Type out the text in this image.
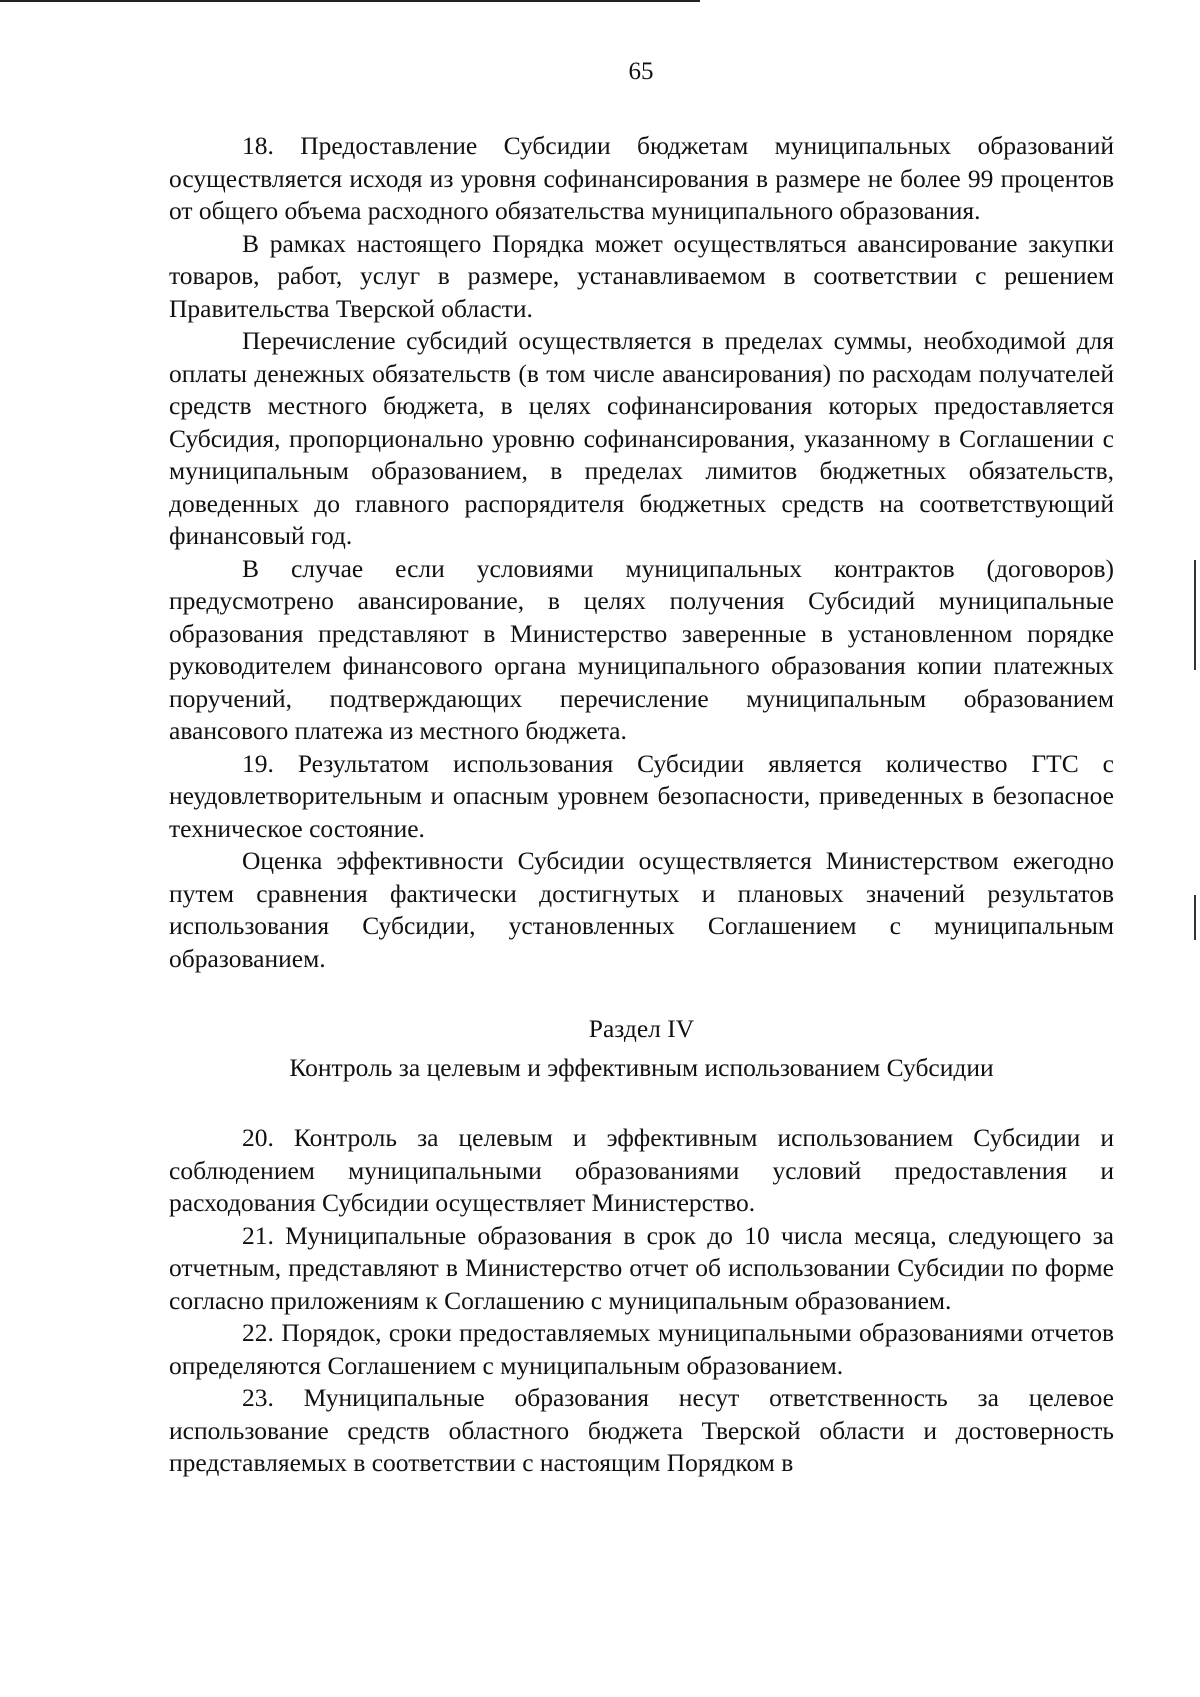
65

18. Предоставление Субсидии бюджетам муниципальных образований осуществляется исходя из уровня софинансирования в размере не более 99 процентов от общего объема расходного обязательства муниципального образования.

В рамках настоящего Порядка может осуществляться авансирование закупки товаров, работ, услуг в размере, устанавливаемом в соответствии с решением Правительства Тверской области.

Перечисление субсидий осуществляется в пределах суммы, необходимой для оплаты денежных обязательств (в том числе авансирования) по расходам получателей средств местного бюджета, в целях софинансирования которых предоставляется Субсидия, пропорционально уровню софинансирования, указанному в Соглашении с муниципальным образованием, в пределах лимитов бюджетных обязательств, доведенных до главного распорядителя бюджетных средств на соответствующий финансовый год.

В случае если условиями муниципальных контрактов (договоров) предусмотрено авансирование, в целях получения Субсидий муниципальные образования представляют в Министерство заверенные в установленном порядке руководителем финансового органа муниципального образования копии платежных поручений, подтверждающих перечисление муниципальным образованием авансового платежа из местного бюджета.

19. Результатом использования Субсидии является количество ГТС с неудовлетворительным и опасным уровнем безопасности, приведенных в безопасное техническое состояние.

Оценка эффективности Субсидии осуществляется Министерством ежегодно путем сравнения фактически достигнутых и плановых значений результатов использования Субсидии, установленных Соглашением с муниципальным образованием.

Раздел IV

Контроль за целевым и эффективным использованием Субсидии

20. Контроль за целевым и эффективным использованием Субсидии и соблюдением муниципальными образованиями условий предоставления и расходования Субсидии осуществляет Министерство.

21. Муниципальные образования в срок до 10 числа месяца, следующего за отчетным, представляют в Министерство отчет об использовании Субсидии по форме согласно приложениям к Соглашению с муниципальным образованием.

22. Порядок, сроки предоставляемых муниципальными образованиями отчетов определяются Соглашением с муниципальным образованием.

23. Муниципальные образования несут ответственность за целевое использование средств областного бюджета Тверской области и достоверность представляемых в соответствии с настоящим Порядком в
